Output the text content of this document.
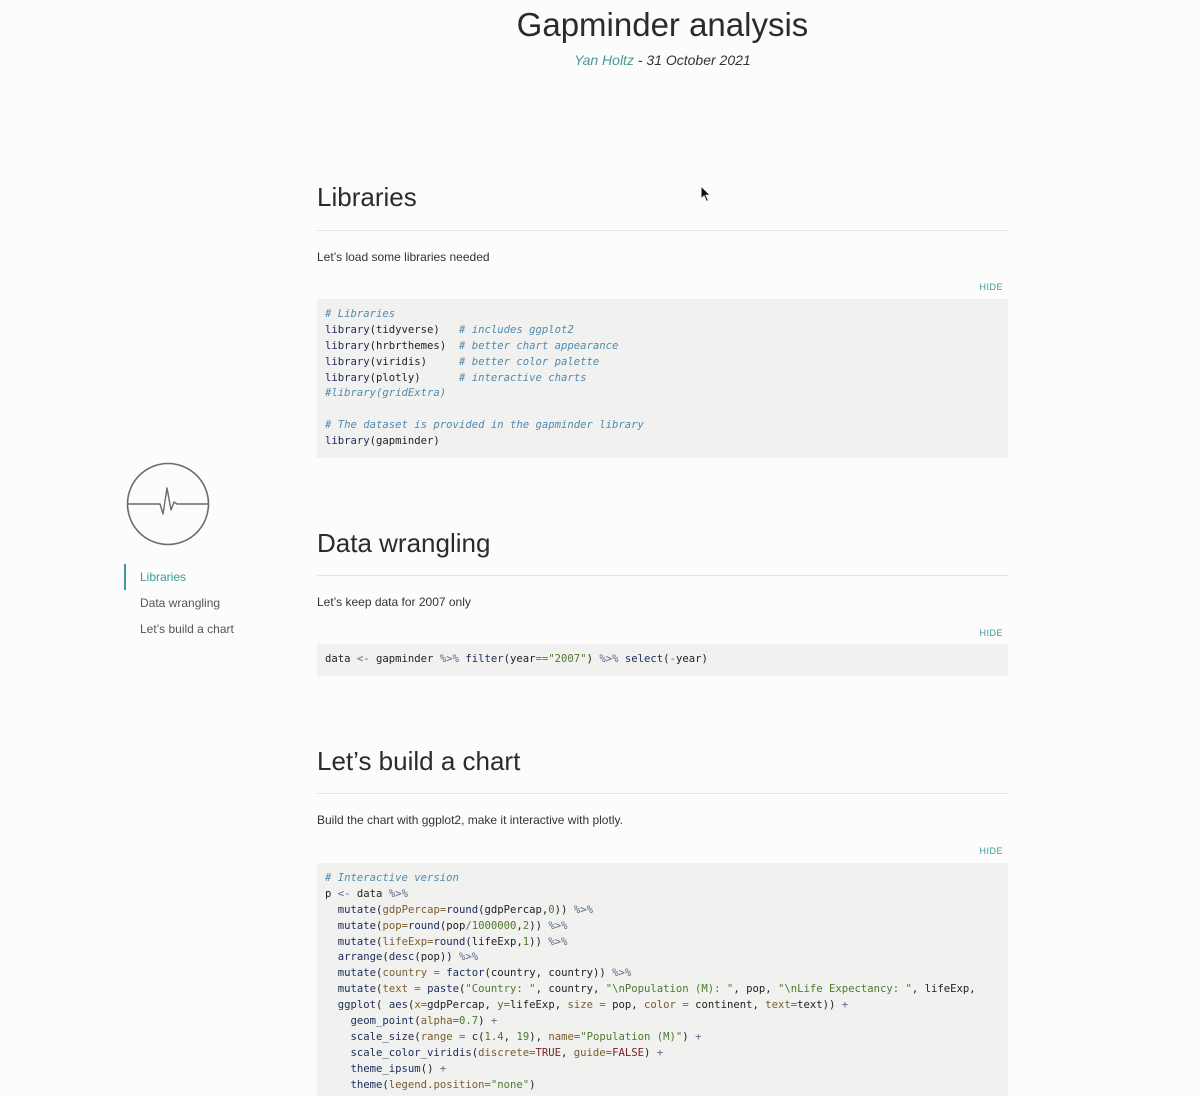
Gapminder analysis
Yan Holtz - 31 October 2021
Libraries
Data wrangling
Let’s build a chart
Libraries
Let’s load some libraries needed
HIDE
# Libraries
library(tidyverse)   # includes ggplot2
library(hrbrthemes)  # better chart appearance
library(viridis)     # better color palette
library(plotly)      # interactive charts
#library(gridExtra)

# The dataset is provided in the gapminder library
library(gapminder)
Data wrangling
Let’s keep data for 2007 only
HIDE
data <- gapminder %>% filter(year=="2007") %>% select(-year)
Let’s build a chart
Build the chart with ggplot2, make it interactive with plotly.
HIDE
# Interactive version
p <- data %>%
mutate(gdpPercap=round(gdpPercap,0)) %>%
mutate(pop=round(pop/1000000,2)) %>%
mutate(lifeExp=round(lifeExp,1)) %>%
arrange(desc(pop)) %>%
mutate(country = factor(country, country)) %>%
mutate(text = paste("Country: ", country, "\nPopulation (M): ", pop, "\nLife Expectancy: ", lifeExp,
ggplot( aes(x=gdpPercap, y=lifeExp, size = pop, color = continent, text=text)) +
geom_point(alpha=0.7) +
scale_size(range = c(1.4, 19), name="Population (M)") +
scale_color_viridis(discrete=TRUE, guide=FALSE) +
theme_ipsum() +
theme(legend.position="none")
